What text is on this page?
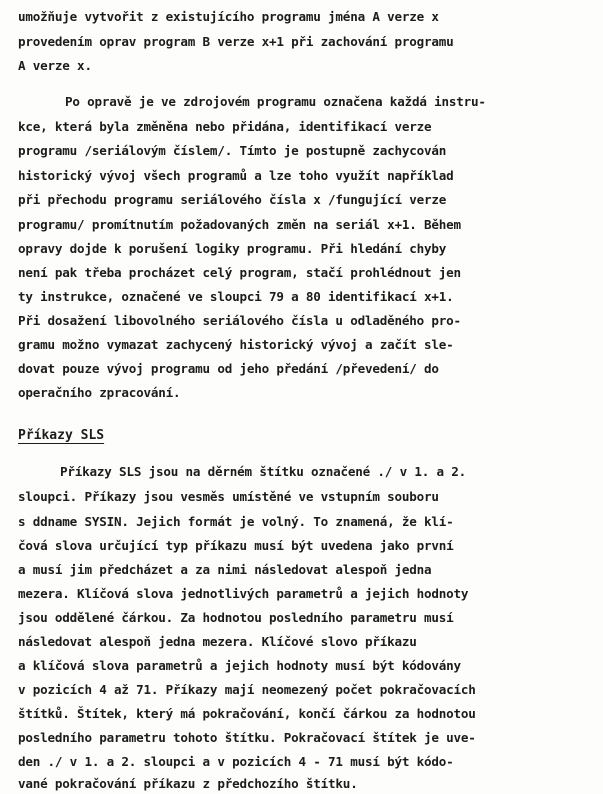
umožňuje vytvořit z existujícího programu jména A verze x
provedením oprav program B verze x+1 při zachování programu
A verze x.
Po opravě je ve zdrojovém programu označena každá instru-
kce, která byla změněna nebo přidána, identifikací verze
programu /seriálovým číslem/. Tímto je postupně zachycován
historický vývoj všech programů a lze toho využít například
při přechodu programu seriálového čísla x /fungující verze
programu/ promítnutím požadovaných změn na seriál x+1. Během
opravy dojde k porušení logiky programu. Při hledání chyby
není pak třeba procházet celý program, stačí prohlédnout jen
ty instrukce, označené ve sloupci 79 a 80 identifikací x+1.
Při dosažení libovolného seriálového čísla u odladěného pro-
gramu možno vymazat zachycený historický vývoj a začít sle-
dovat pouze vývoj programu od jeho předání /převedení/ do
operačního zpracování.
Příkazy SLS
Příkazy SLS jsou na děrném štítku označené ./ v 1. a 2.
sloupci. Příkazy jsou vesměs umístěné ve vstupním souboru
s ddname SYSIN. Jejich formát je volný. To znamená, že klí-
čová slova určující typ příkazu musí být uvedena jako první
a musí jim předcházet a za nimi následovat alespoň jedna
mezera. Klíčová slova jednotlivých parametrů a jejich hodnoty
jsou oddělené čárkou. Za hodnotou posledního parametru musí
následovat alespoň jedna mezera. Klíčové slovo příkazu
a klíčová slova parametrů a jejich hodnoty musí být kódovány
v pozicích 4 až 71. Příkazy mají neomezený počet pokračovacích
štítků. Štítek, který má pokračování, končí čárkou za hodnotou
posledního parametru tohoto štítku. Pokračovací štítek je uve-
den ./ v 1. a 2. sloupci a v pozicích 4 - 71 musí být kódo-
vané pokračování příkazu z předchozího štítku.
